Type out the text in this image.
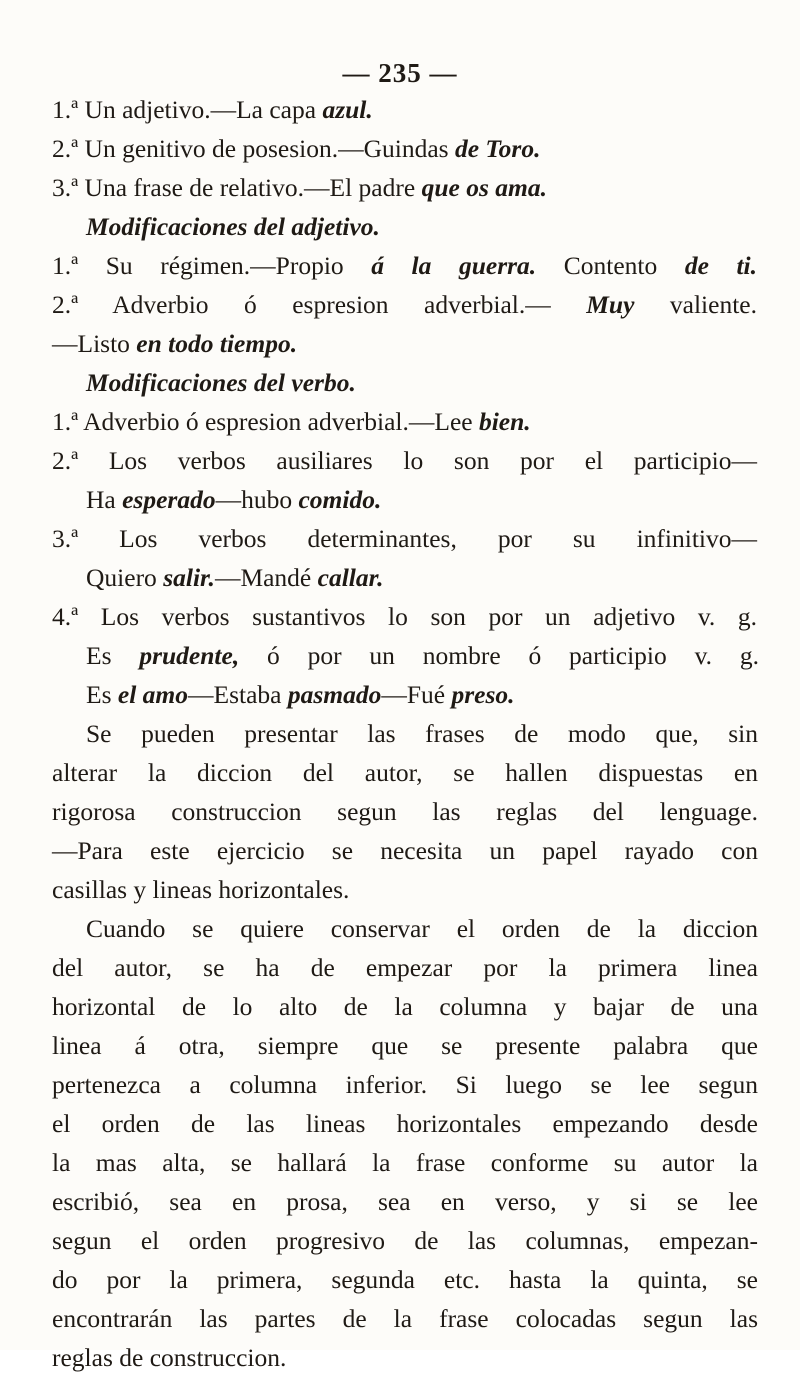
— 235 —
1.ª Un adjetivo.—La capa azul.
2.ª Un genitivo de posesion.—Guindas de Toro.
3.ª Una frase de relativo.—El padre que os ama.
Modificaciones del adjetivo.
1.ª Su régimen.—Propio á la guerra. Contento de ti.
2.ª Adverbio ó espresion adverbial.— Muy valiente.
—Listo en todo tiempo.
Modificaciones del verbo.
1.ª Adverbio ó espresion adverbial.—Lee bien.
2.ª Los verbos ausiliares lo son por el participio—
Ha esperado—hubo comido.
3.ª Los verbos determinantes, por su infinitivo—
Quiero salir.—Mandé callar.
4.ª Los verbos sustantivos lo son por un adjetivo v. g.
Es prudente, ó por un nombre ó participio v. g.
Es el amo—Estaba pasmado—Fué preso.
Se pueden presentar las frases de modo que, sin
alterar la diccion del autor, se hallen dispuestas en
rigorosa construccion segun las reglas del lenguage.
—Para este ejercicio se necesita un papel rayado con
casillas y lineas horizontales.
Cuando se quiere conservar el orden de la diccion
del autor, se ha de empezar por la primera linea
horizontal de lo alto de la columna y bajar de una
linea á otra, siempre que se presente palabra que
pertenezca a columna inferior. Si luego se lee segun
el orden de las lineas horizontales empezando desde
la mas alta, se hallará la frase conforme su autor la
escribió, sea en prosa, sea en verso, y si se lee
segun el orden progresivo de las columnas, empezan-
do por la primera, segunda etc. hasta la quinta, se
encontrarán las partes de la frase colocadas segun las
reglas de construccion.
